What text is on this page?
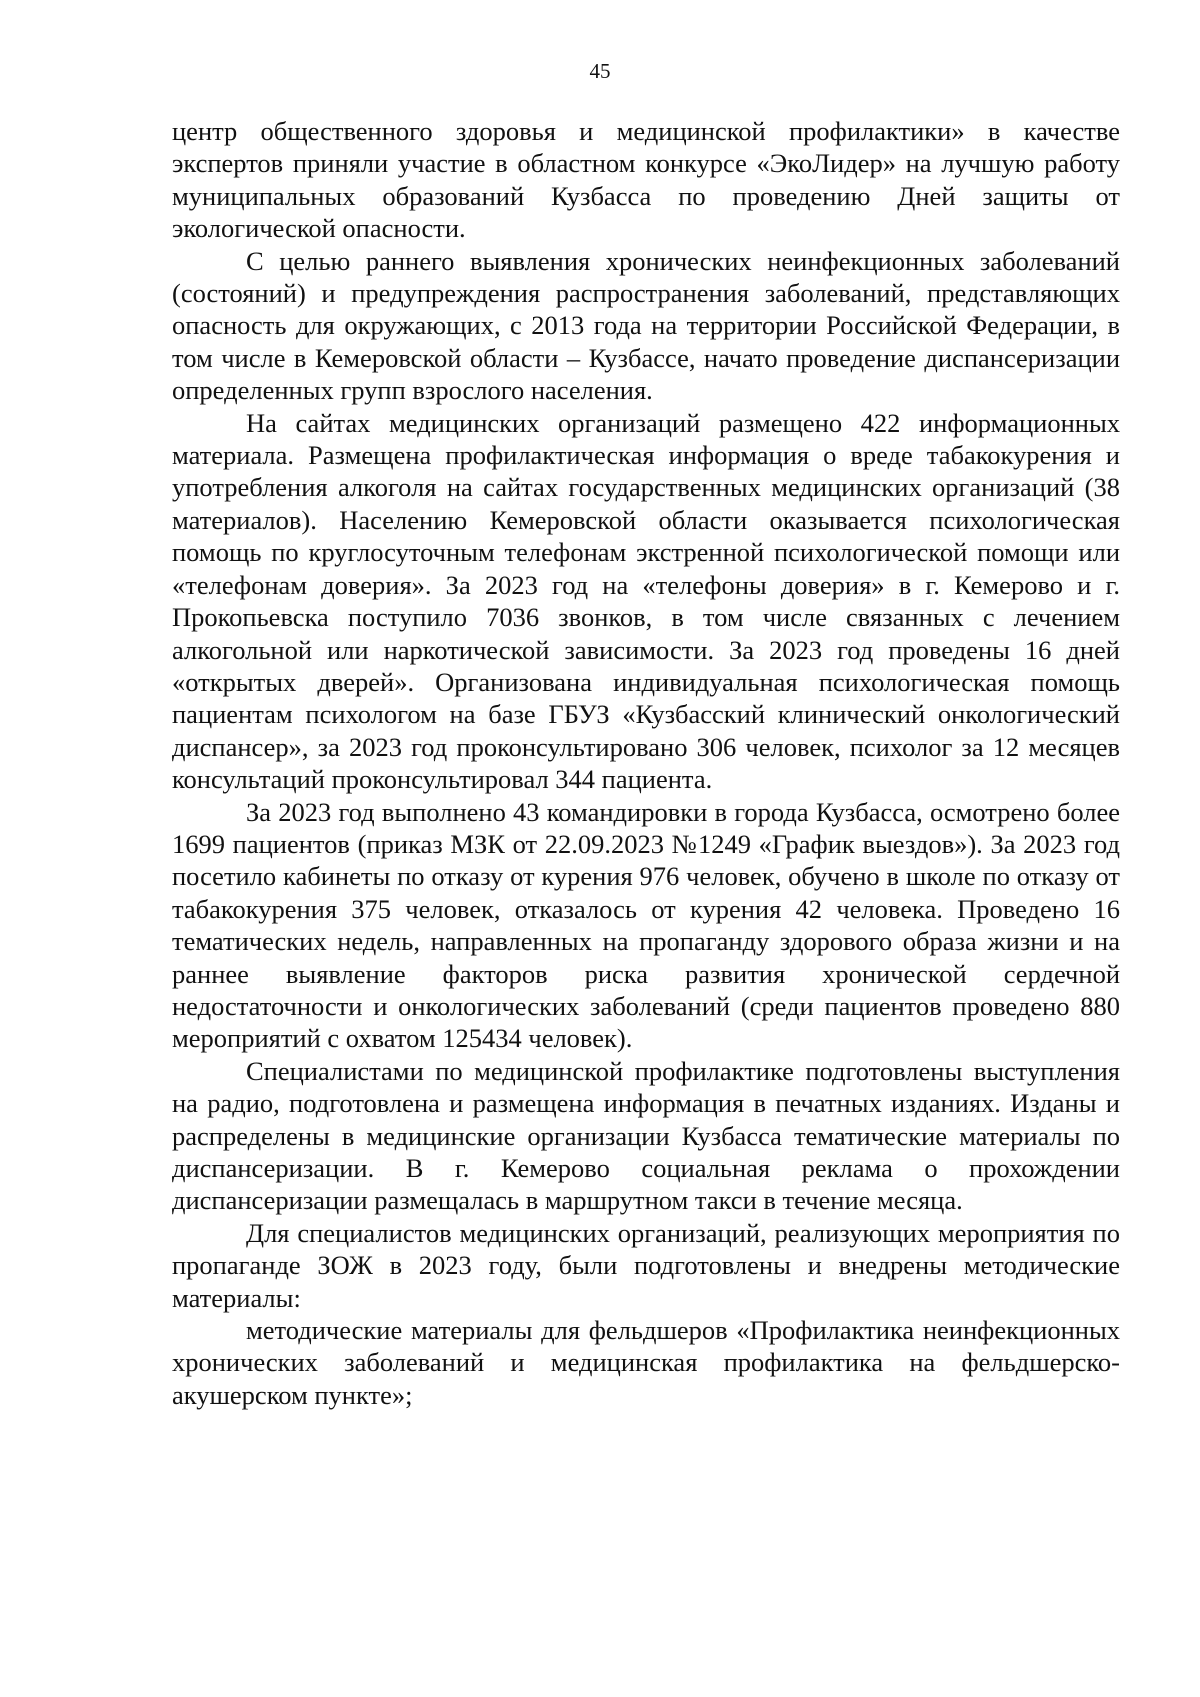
45

центр общественного здоровья и медицинской профилактики» в качестве экспертов приняли участие в областном конкурсе «ЭкоЛидер» на лучшую работу муниципальных образований Кузбасса по проведению Дней защиты от экологической опасности.

С целью раннего выявления хронических неинфекционных заболеваний (состояний) и предупреждения распространения заболеваний, представляющих опасность для окружающих, с 2013 года на территории Российской Федерации, в том числе в Кемеровской области – Кузбассе, начато проведение диспансеризации определенных групп взрослого населения.

На сайтах медицинских организаций размещено 422 информационных материала. Размещена профилактическая информация о вреде табакокурения и употребления алкоголя на сайтах государственных медицинских организаций (38 материалов). Населению Кемеровской области оказывается психологическая помощь по круглосуточным телефонам экстренной психологической помощи или «телефонам доверия». За 2023 год на «телефоны доверия» в г. Кемерово и г. Прокопьевска поступило 7036 звонков, в том числе связанных с лечением алкогольной или наркотической зависимости. За 2023 год проведены 16 дней «открытых дверей». Организована индивидуальная психологическая помощь пациентам психологом на базе ГБУЗ «Кузбасский клинический онкологический диспансер», за 2023 год проконсультировано 306 человек, психолог за 12 месяцев консультаций проконсультировал 344 пациента.

За 2023 год выполнено 43 командировки в города Кузбасса, осмотрено более 1699 пациентов (приказ МЗК от 22.09.2023 №1249 «График выездов»). За 2023 год посетило кабинеты по отказу от курения 976 человек, обучено в школе по отказу от табакокурения 375 человек, отказалось от курения 42 человека. Проведено 16 тематических недель, направленных на пропаганду здорового образа жизни и на раннее выявление факторов риска развития хронической сердечной недостаточности и онкологических заболеваний (среди пациентов проведено 880 мероприятий с охватом 125434 человек).

Специалистами по медицинской профилактике подготовлены выступления на радио, подготовлена и размещена информация в печатных изданиях. Изданы и распределены в медицинские организации Кузбасса тематические материалы по диспансеризации. В г. Кемерово социальная реклама о прохождении диспансеризации размещалась в маршрутном такси в течение месяца.

Для специалистов медицинских организаций, реализующих мероприятия по пропаганде ЗОЖ в 2023 году, были подготовлены и внедрены методические материалы:

методические материалы для фельдшеров «Профилактика неинфекционных хронических заболеваний и медицинская профилактика на фельдшерско-акушерском пункте»;
